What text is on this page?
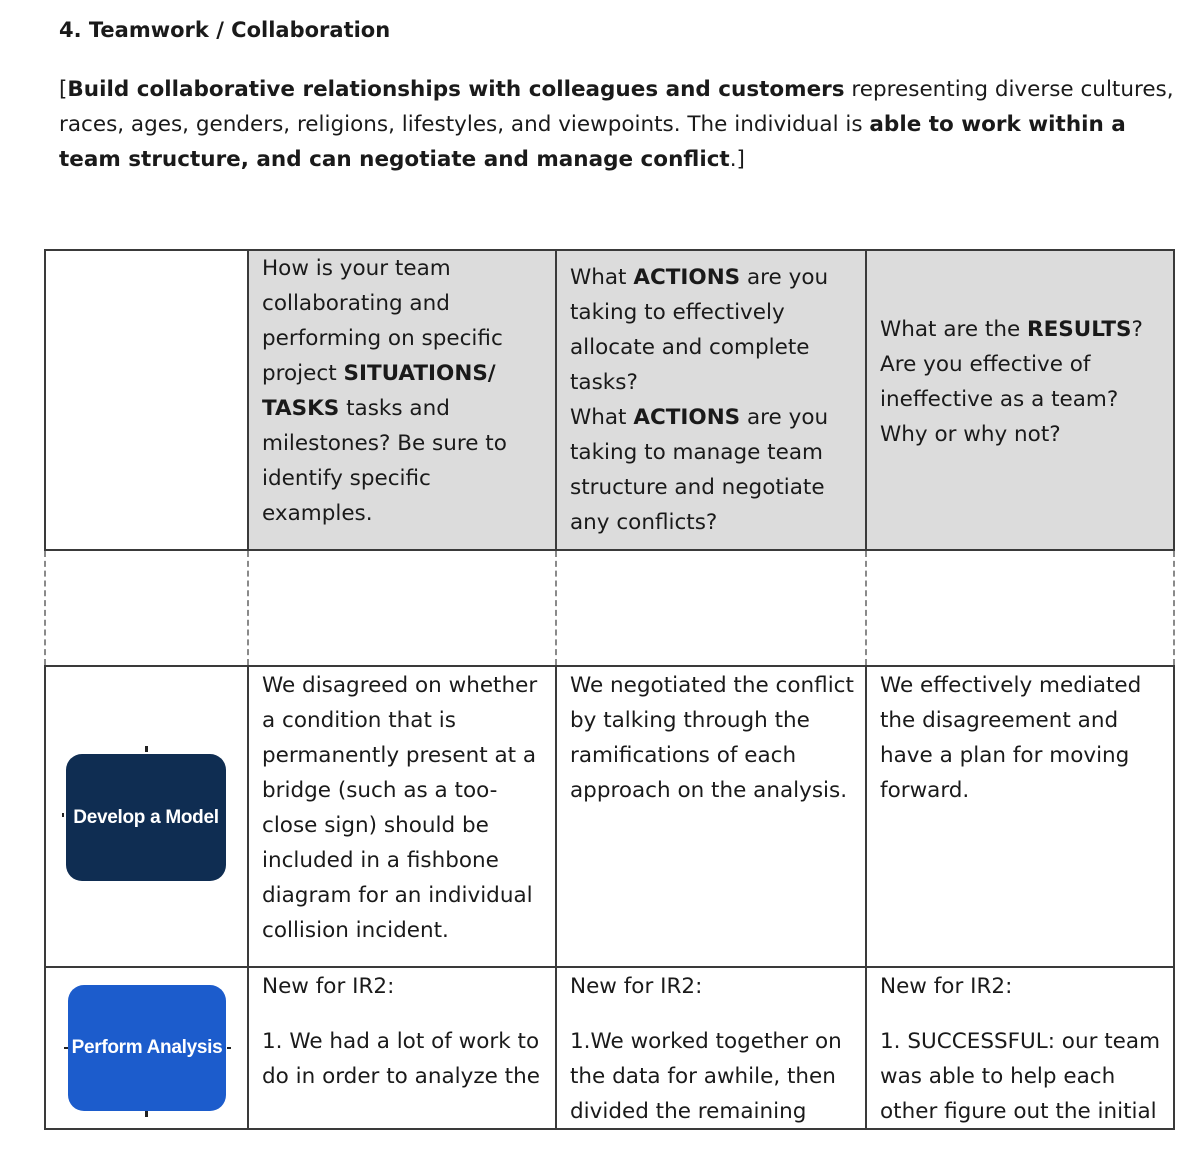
4. Teamwork / Collaboration

[Build collaborative relationships with colleagues and customers representing diverse cultures, races, ages, genders, religions, lifestyles, and viewpoints. The individual is able to work within a team structure, and can negotiate and manage conflict.]

How is your team collaborating and performing on specific project SITUATIONS/ TASKS tasks and milestones? Be sure to identify specific examples.
What ACTIONS are you taking to effectively allocate and complete tasks?
What ACTIONS are you taking to manage team structure and negotiate any conflicts?
What are the RESULTS? Are you effective of ineffective as a team? Why or why not?
Develop a Model
We disagreed on whether a condition that is permanently present at a bridge (such as a too-close sign) should be included in a fishbone diagram for an individual collision incident.
We negotiated the conflict by talking through the ramifications of each approach on the analysis.
We effectively mediated the disagreement and have a plan for moving forward.
Perform Analysis
New for IR2:
1. We had a lot of work to do in order to analyze the
New for IR2:
1.We worked together on the data for awhile, then divided the remaining
New for IR2:
1. SUCCESSFUL: our team was able to help each other figure out the initial
